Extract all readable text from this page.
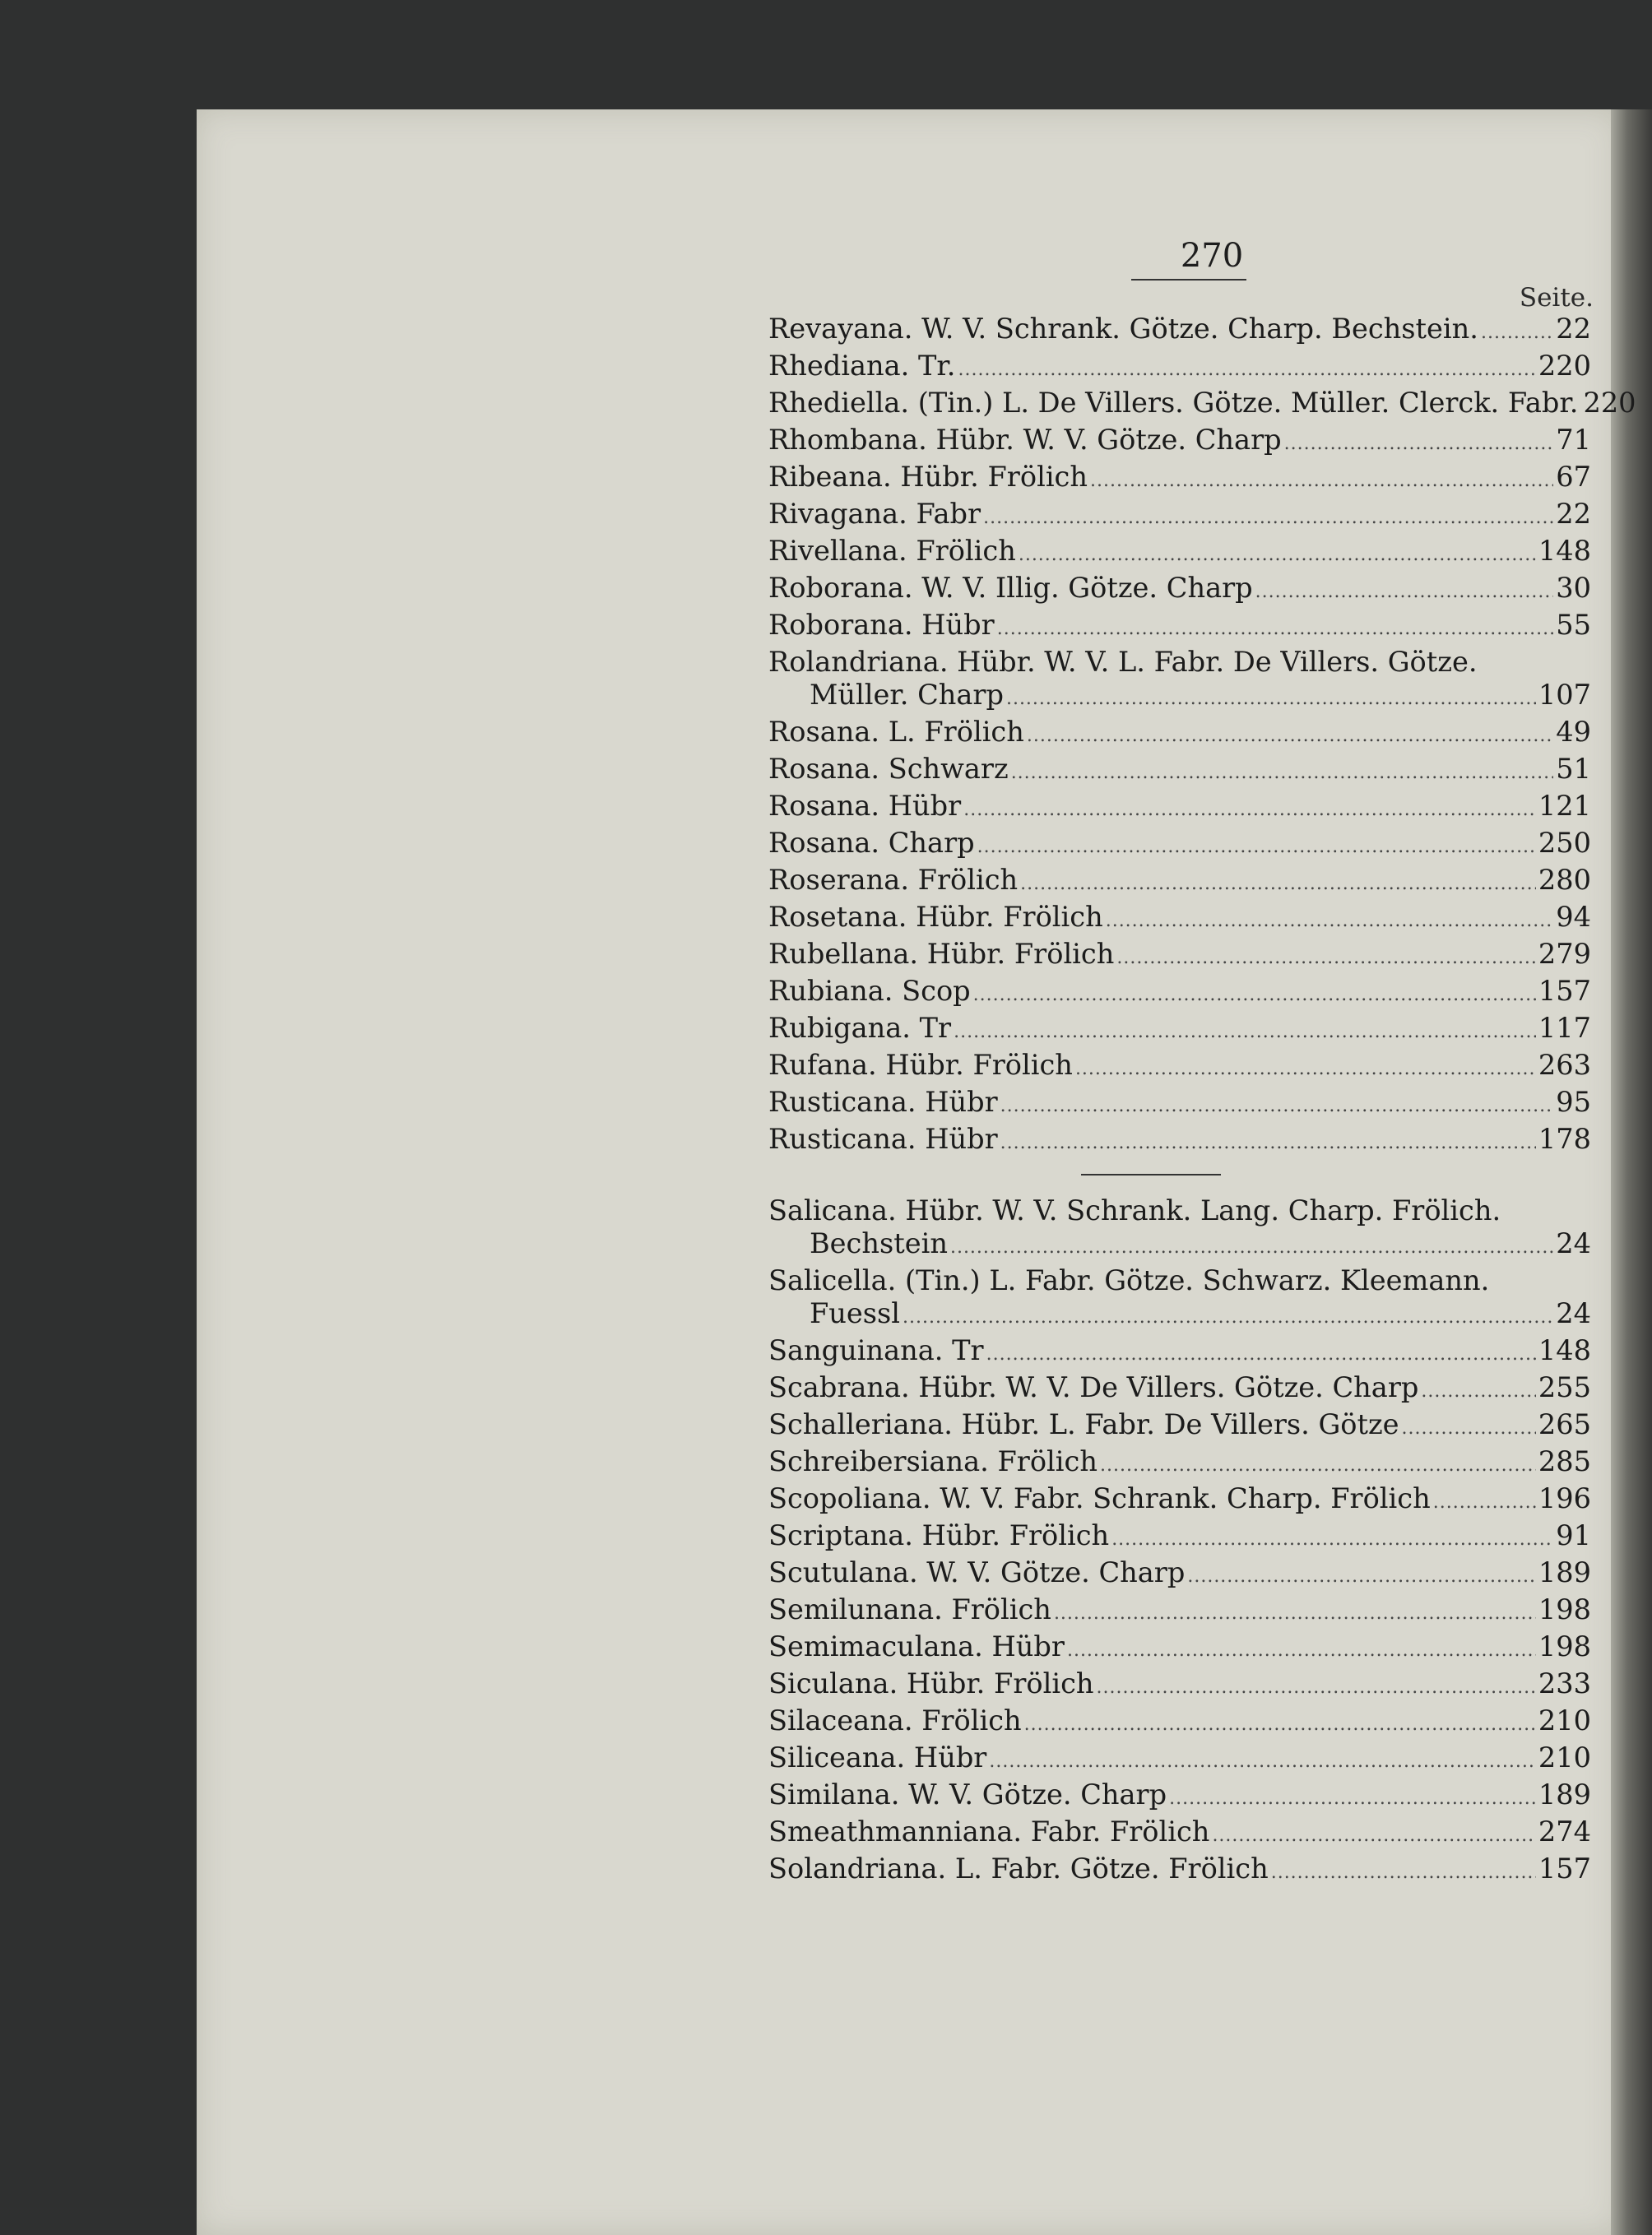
270
Seite.
Revayana. W. V. Schrank. Götze. Charp. Bechstein. .....	22
Rhediana. Tr. .....	220
Rhediella. (Tin.) L. De Villers. Götze. Müller. Clerck. Fabr. 220
Rhombana. Hübr. W. V. Götze. Charp .....	71
Ribeana. Hübr. Frölich .....	67
Rivagana. Fabr .....	22
Rivellana. Frölich .....	148
Roborana. W. V. Illig. Götze. Charp .....	30
Roborana. Hübr .....	55
Rolandriana. Hübr. W. V. L. Fabr. De Villers. Götze.
Müller. Charp .....	107
Rosana. L. Frölich .....	49
Rosana. Schwarz .....	51
Rosana. Hübr .....	121
Rosana. Charp .....	250
Roserana. Frölich .....	280
Rosetana. Hübr. Frölich .....	94
Rubellana. Hübr. Frölich .....	279
Rubiana. Scop .....	157
Rubigana. Tr .....	117
Rufana. Hübr. Frölich .....	263
Rusticana. Hübr .....	95
Rusticana. Hübr .....	178
Salicana. Hübr. W. V. Schrank. Lang. Charp. Frölich.
Bechstein .....	24
Salicella. (Tin.) L. Fabr. Götze. Schwarz. Kleemann.
Fuessl .....	24
Sanguinana. Tr .....	148
Scabrana. Hübr. W. V. De Villers. Götze. Charp .....	255
Schalleriana. Hübr. L. Fabr. De Villers. Götze .....	265
Schreibersiana. Frölich .....	285
Scopoliana. W. V. Fabr. Schrank. Charp. Frölich .....	196
Scriptana. Hübr. Frölich .....	91
Scutulana. W. V. Götze. Charp .....	189
Semilunana. Frölich .....	198
Semimaculana. Hübr .....	198
Siculana. Hübr. Frölich .....	233
Silaceana. Frölich .....	210
Siliceana. Hübr .....	210
Similana. W. V. Götze. Charp .....	189
Smeathmanniana. Fabr. Frölich .....	274
Solandriana. L. Fabr. Götze. Frölich .....	157
